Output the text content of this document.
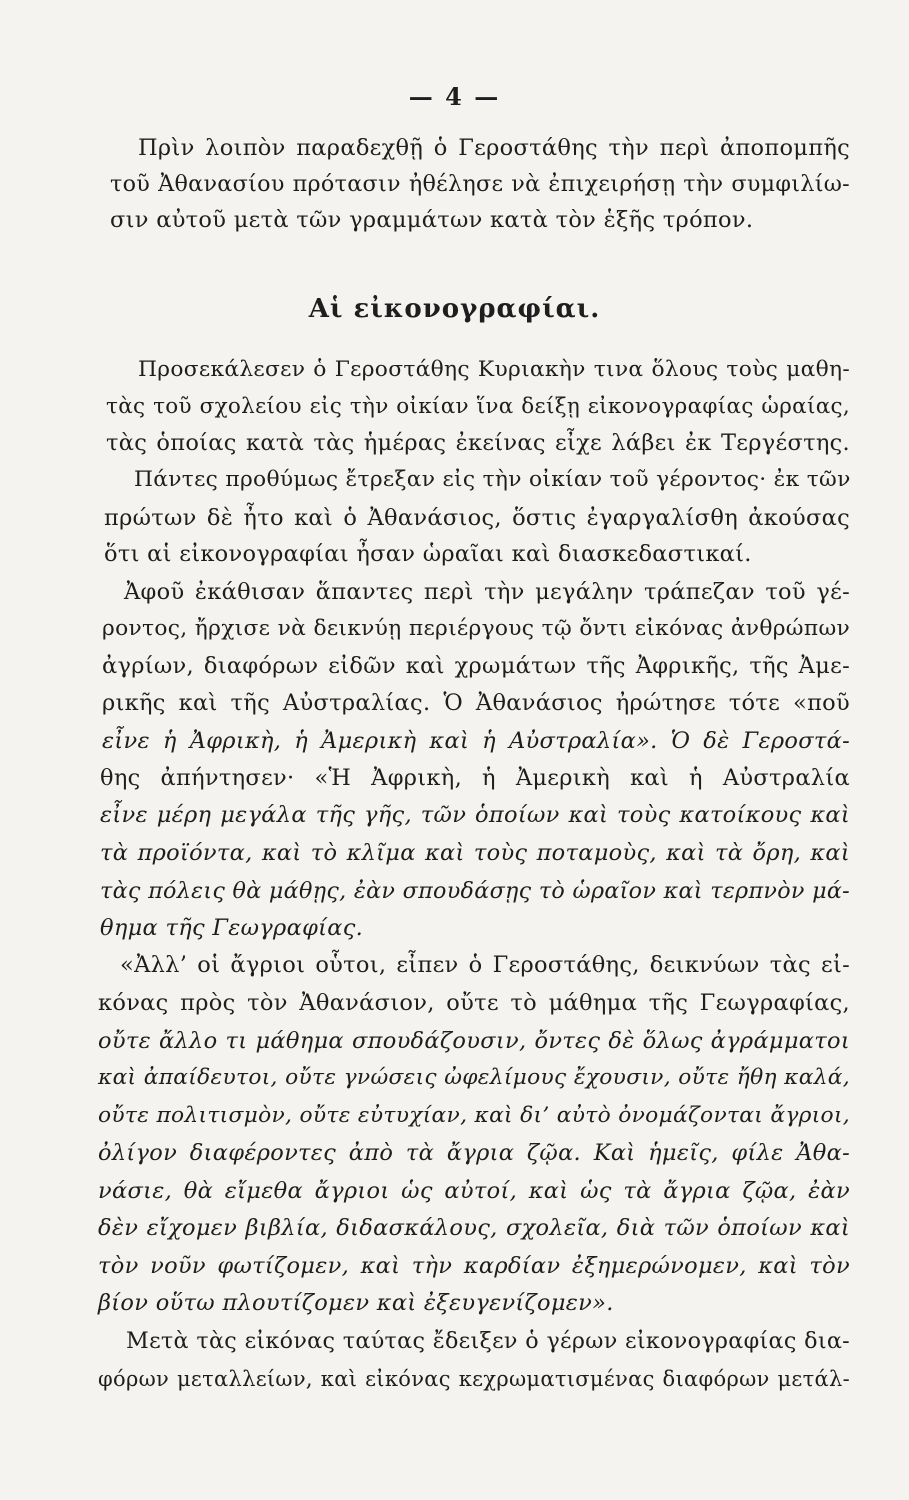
— 4 —
Πρὶν λοιπὸν παραδεχθῇ ὁ Γεροστάθης τὴν περὶ ἀποπομπῆς
τοῦ Ἀθανασίου πρότασιν ἠθέλησε νὰ ἐπιχειρήσῃ τὴν συμφιλίω-
σιν αὐτοῦ μετὰ τῶν γραμμάτων κατὰ τὸν ἑξῆς τρόπον.
Αἱ εἰκονογραφίαι.
Προσεκάλεσεν ὁ Γεροστάθης Κυριακὴν τινα ὅλους τοὺς μαθη-
τὰς τοῦ σχολείου εἰς τὴν οἰκίαν ἵνα δείξῃ εἰκονογραφίας ὡραίας,
τὰς ὁποίας κατὰ τὰς ἡμέρας ἐκείνας εἶχε λάβει ἐκ Τεργέστης.
Πάντες προθύμως ἔτρεξαν εἰς τὴν οἰκίαν τοῦ γέροντος· ἐκ τῶν
πρώτων δὲ ἦτο καὶ ὁ Ἀθανάσιος, ὅστις ἐγαργαλίσθη ἀκούσας
ὅτι αἱ εἰκονογραφίαι ἦσαν ὡραῖαι καὶ διασκεδαστικαί.
Ἀφοῦ ἐκάθισαν ἅπαντες περὶ τὴν μεγάλην τράπεζαν τοῦ γέ-
ροντος, ἤρχισε νὰ δεικνύῃ περιέργους τῷ ὄντι εἰκόνας ἀνθρώπων
ἀγρίων, διαφόρων εἰδῶν καὶ χρωμάτων τῆς Ἀφρικῆς, τῆς Ἀμε-
ρικῆς καὶ τῆς Αὐστραλίας. Ὁ Ἀθανάσιος ἠρώτησε τότε «ποῦ
εἶνε ἡ Ἀφρικὴ, ἡ Ἀμερικὴ καὶ ἡ Αὐστραλία». Ὁ δὲ Γεροστά-
θης ἀπήντησεν· «Ἡ Ἀφρικὴ, ἡ Ἀμερικὴ καὶ ἡ Αὐστραλία
εἶνε μέρη μεγάλα τῆς γῆς, τῶν ὁποίων καὶ τοὺς κατοίκους καὶ
τὰ προϊόντα, καὶ τὸ κλῖμα καὶ τοὺς ποταμοὺς, καὶ τὰ ὄρη, καὶ
τὰς πόλεις θὰ μάθῃς, ἐὰν σπουδάσῃς τὸ ὡραῖον καὶ τερπνὸν μά-
θημα τῆς Γεωγραφίας.
«Ἀλλ’ οἱ ἄγριοι οὗτοι, εἶπεν ὁ Γεροστάθης, δεικνύων τὰς εἰ-
κόνας πρὸς τὸν Ἀθανάσιον, οὔτε τὸ μάθημα τῆς Γεωγραφίας,
οὔτε ἄλλο τι μάθημα σπουδάζουσιν, ὄντες δὲ ὅλως ἀγράμματοι
καὶ ἀπαίδευτοι, οὔτε γνώσεις ὠφελίμους ἔχουσιν, οὔτε ἤθη καλά,
οὔτε πολιτισμὸν, οὔτε εὐτυχίαν, καὶ δι’ αὐτὸ ὀνομάζονται ἄγριοι,
ὀλίγον διαφέροντες ἀπὸ τὰ ἄγρια ζῷα. Καὶ ἡμεῖς, φίλε Ἀθα-
νάσιε, θὰ εἴμεθα ἄγριοι ὡς αὐτοί, καὶ ὡς τὰ ἄγρια ζῷα, ἐὰν
δὲν εἴχομεν βιβλία, διδασκάλους, σχολεῖα, διὰ τῶν ὁποίων καὶ
τὸν νοῦν φωτίζομεν, καὶ τὴν καρδίαν ἐξημερώνομεν, καὶ τὸν
βίον οὕτω πλουτίζομεν καὶ ἐξευγενίζομεν».
Μετὰ τὰς εἰκόνας ταύτας ἔδειξεν ὁ γέρων εἰκονογραφίας δια-
φόρων μεταλλείων, καὶ εἰκόνας κεχρωματισμένας διαφόρων μετάλ-
